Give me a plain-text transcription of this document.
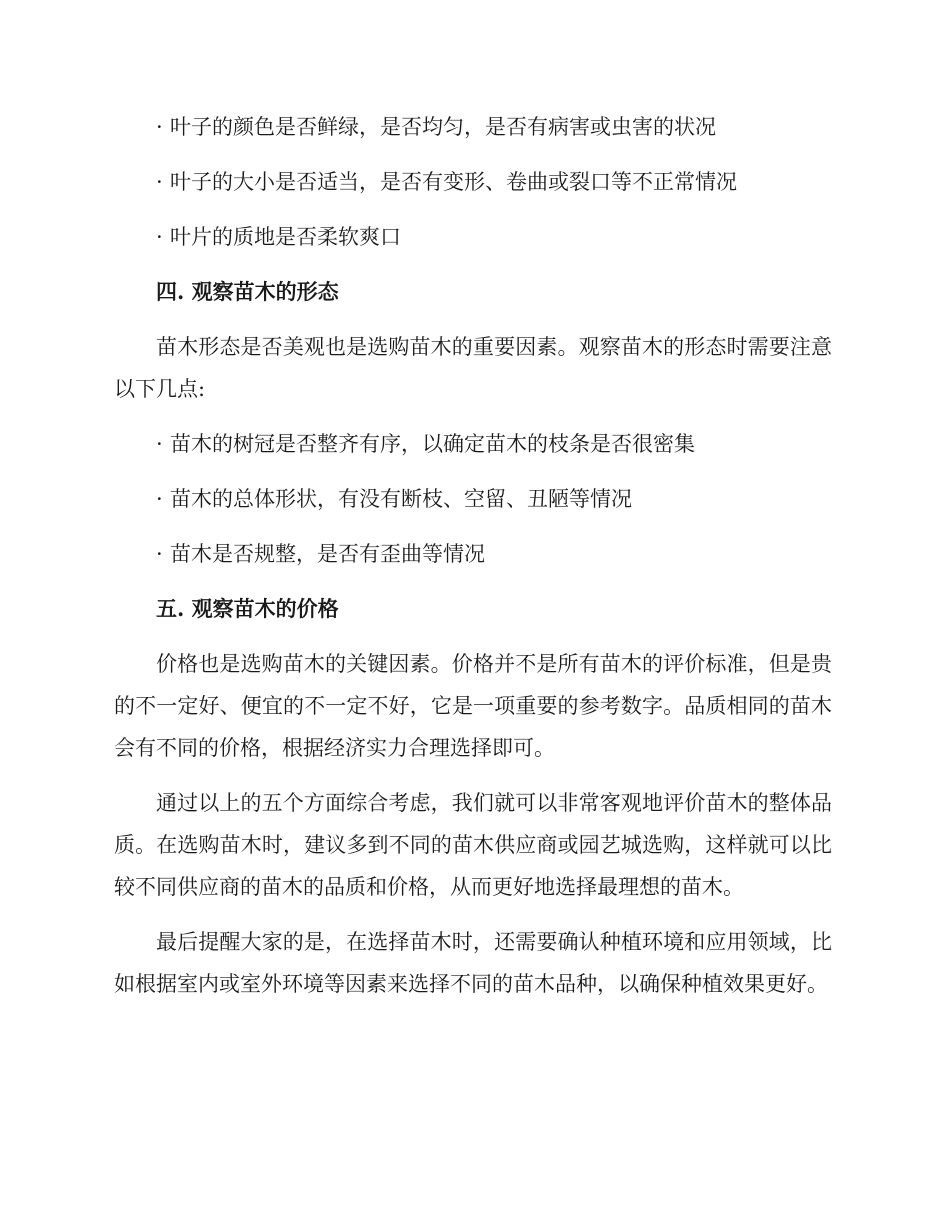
· 叶子的颜色是否鲜绿，是否均匀，是否有病害或虫害的状况

· 叶子的大小是否适当，是否有变形、卷曲或裂口等不正常情况

· 叶片的质地是否柔软爽口

四. 观察苗木的形态

苗木形态是否美观也是选购苗木的重要因素。观察苗木的形态时需要注意以下几点:

· 苗木的树冠是否整齐有序，以确定苗木的枝条是否很密集

· 苗木的总体形状，有没有断枝、空留、丑陋等情况

· 苗木是否规整，是否有歪曲等情况

五. 观察苗木的价格

价格也是选购苗木的关键因素。价格并不是所有苗木的评价标准，但是贵的不一定好、便宜的不一定不好，它是一项重要的参考数字。品质相同的苗木会有不同的价格，根据经济实力合理选择即可。

通过以上的五个方面综合考虑，我们就可以非常客观地评价苗木的整体品质。在选购苗木时，建议多到不同的苗木供应商或园艺城选购，这样就可以比较不同供应商的苗木的品质和价格，从而更好地选择最理想的苗木。

最后提醒大家的是，在选择苗木时，还需要确认种植环境和应用领域，比如根据室内或室外环境等因素来选择不同的苗木品种，以确保种植效果更好。
